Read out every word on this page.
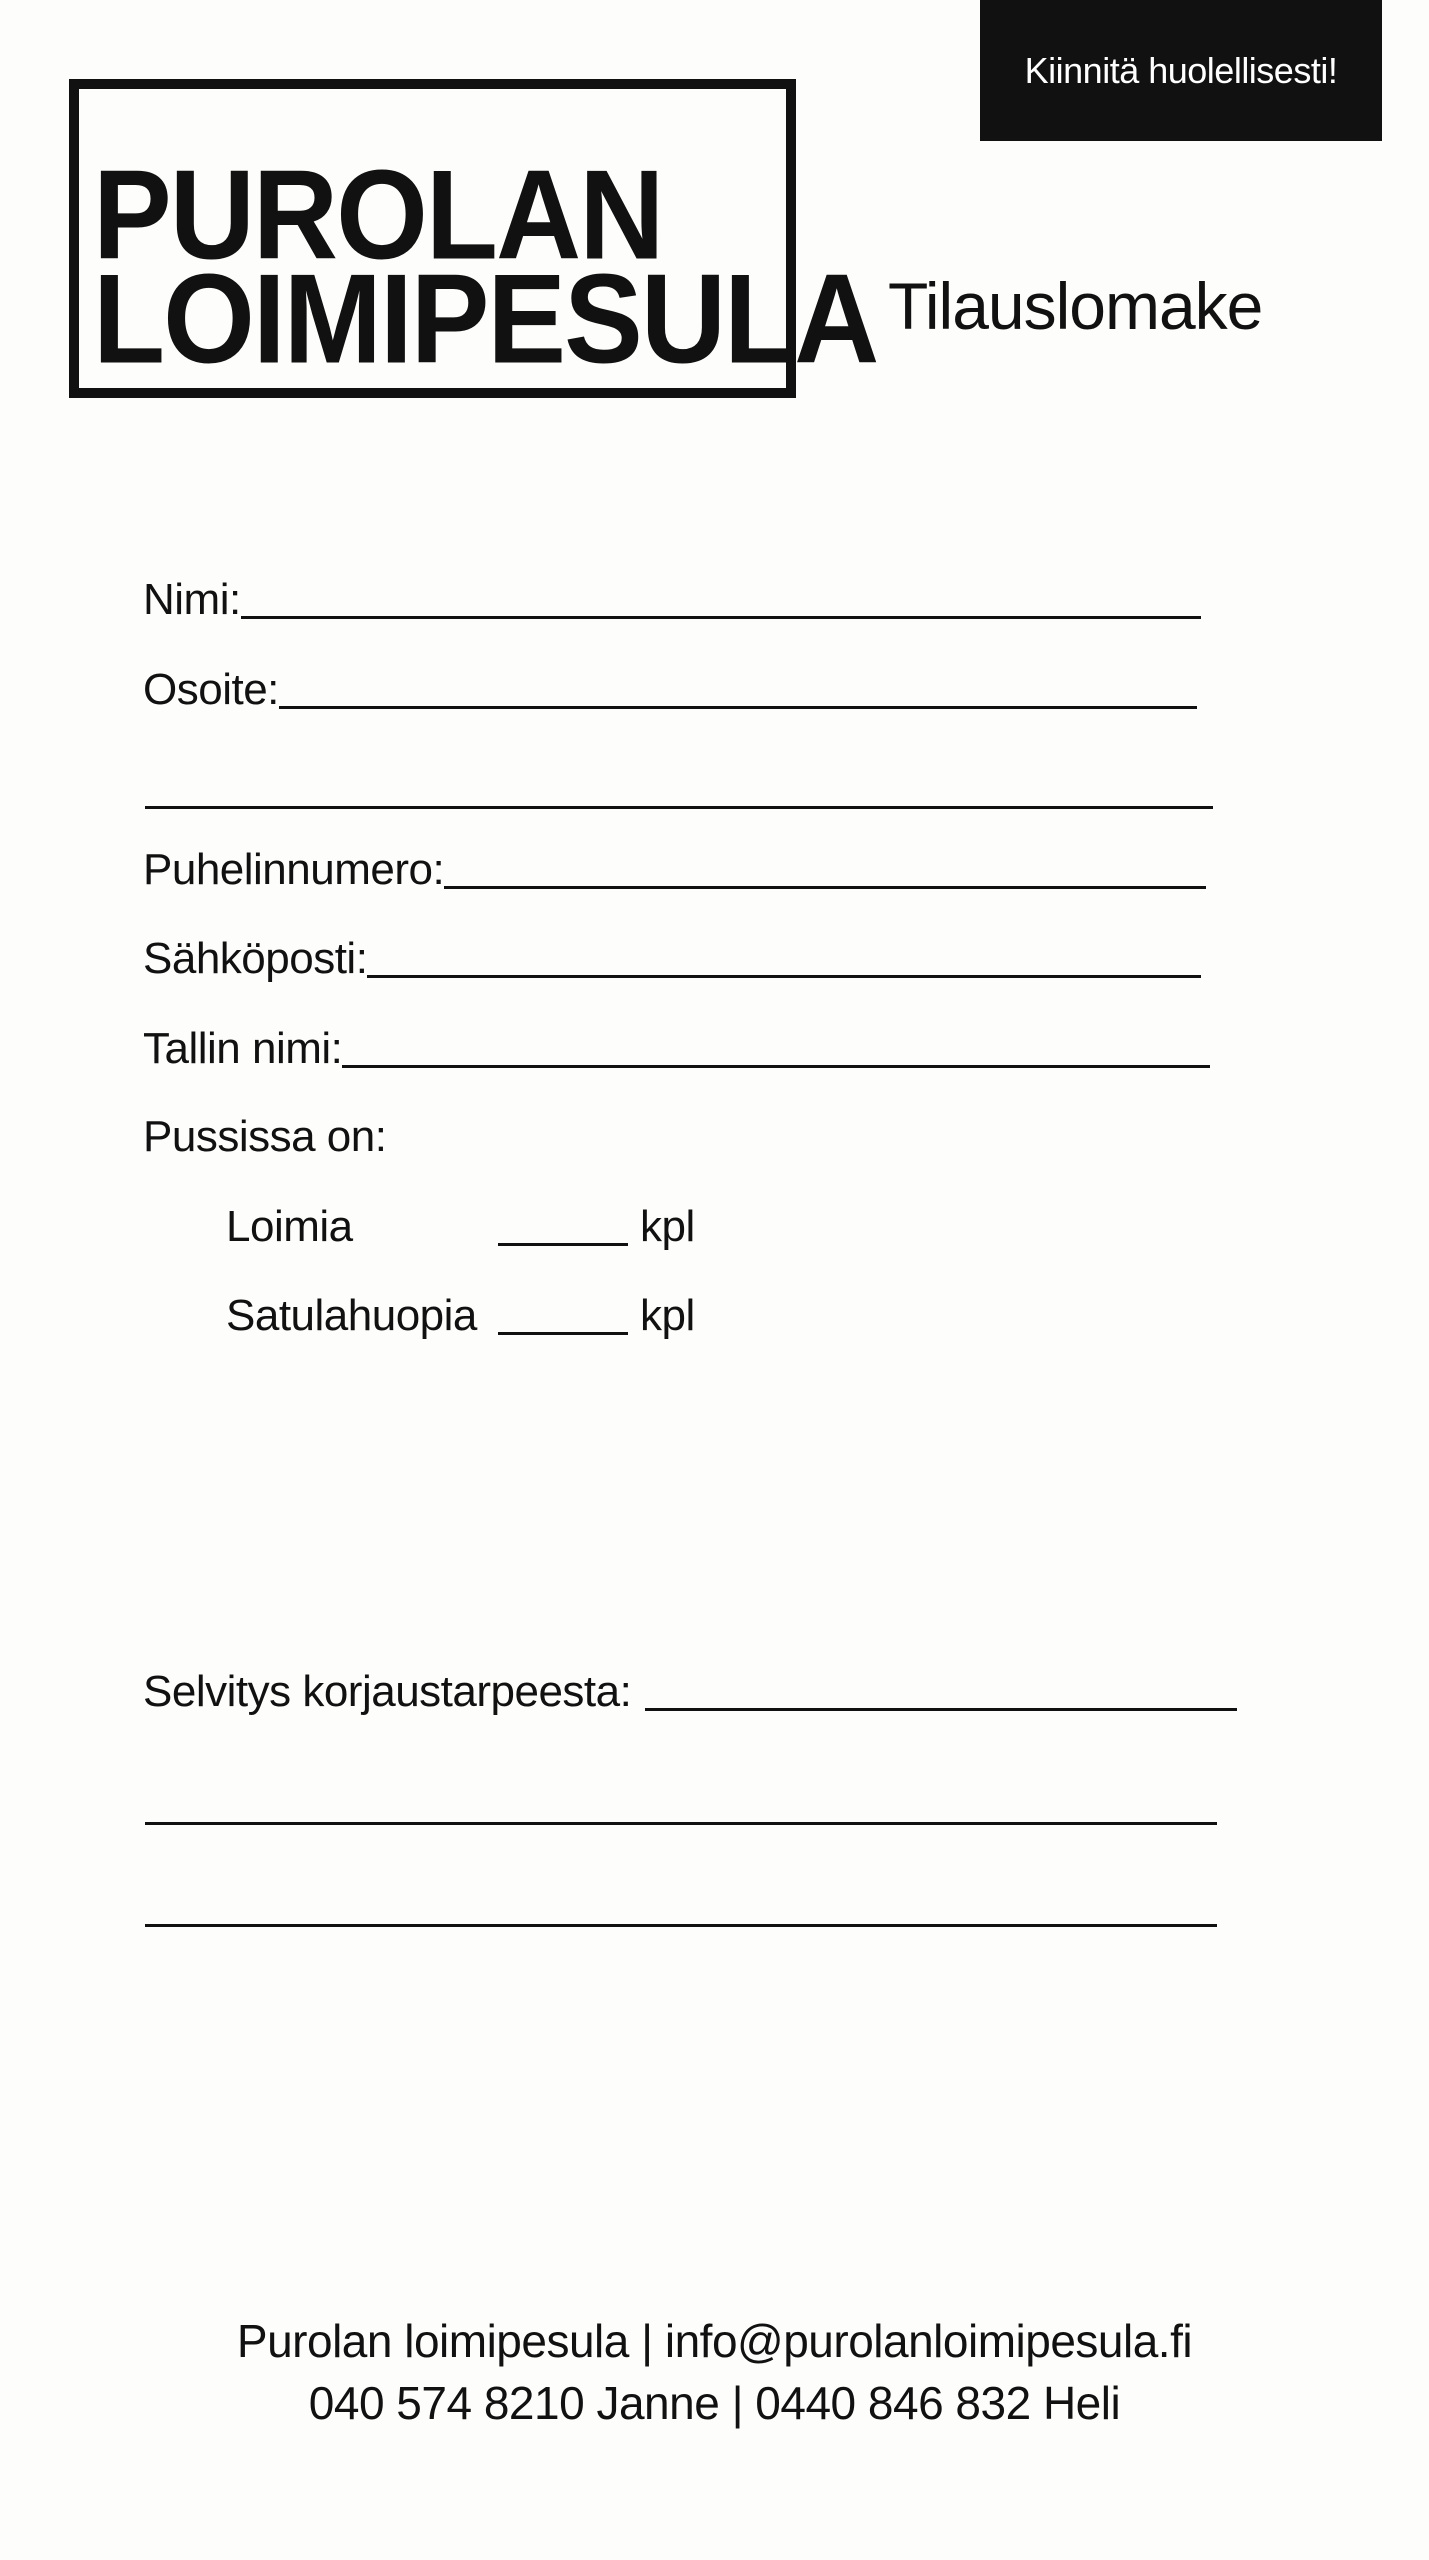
Kiinnitä huolellisesti!
PUROLAN
LOIMIPESULA Tilauslomake
Nimi:
Osoite:
Puhelinnumero:
Sähköposti:
Tallin nimi:
Pussissa on:
Loimia	kpl
Satulahuopia	kpl
Selvitys korjaustarpeesta:
Purolan loimipesula | info@purolanloimipesula.fi
040 574 8210 Janne | 0440 846 832 Heli
